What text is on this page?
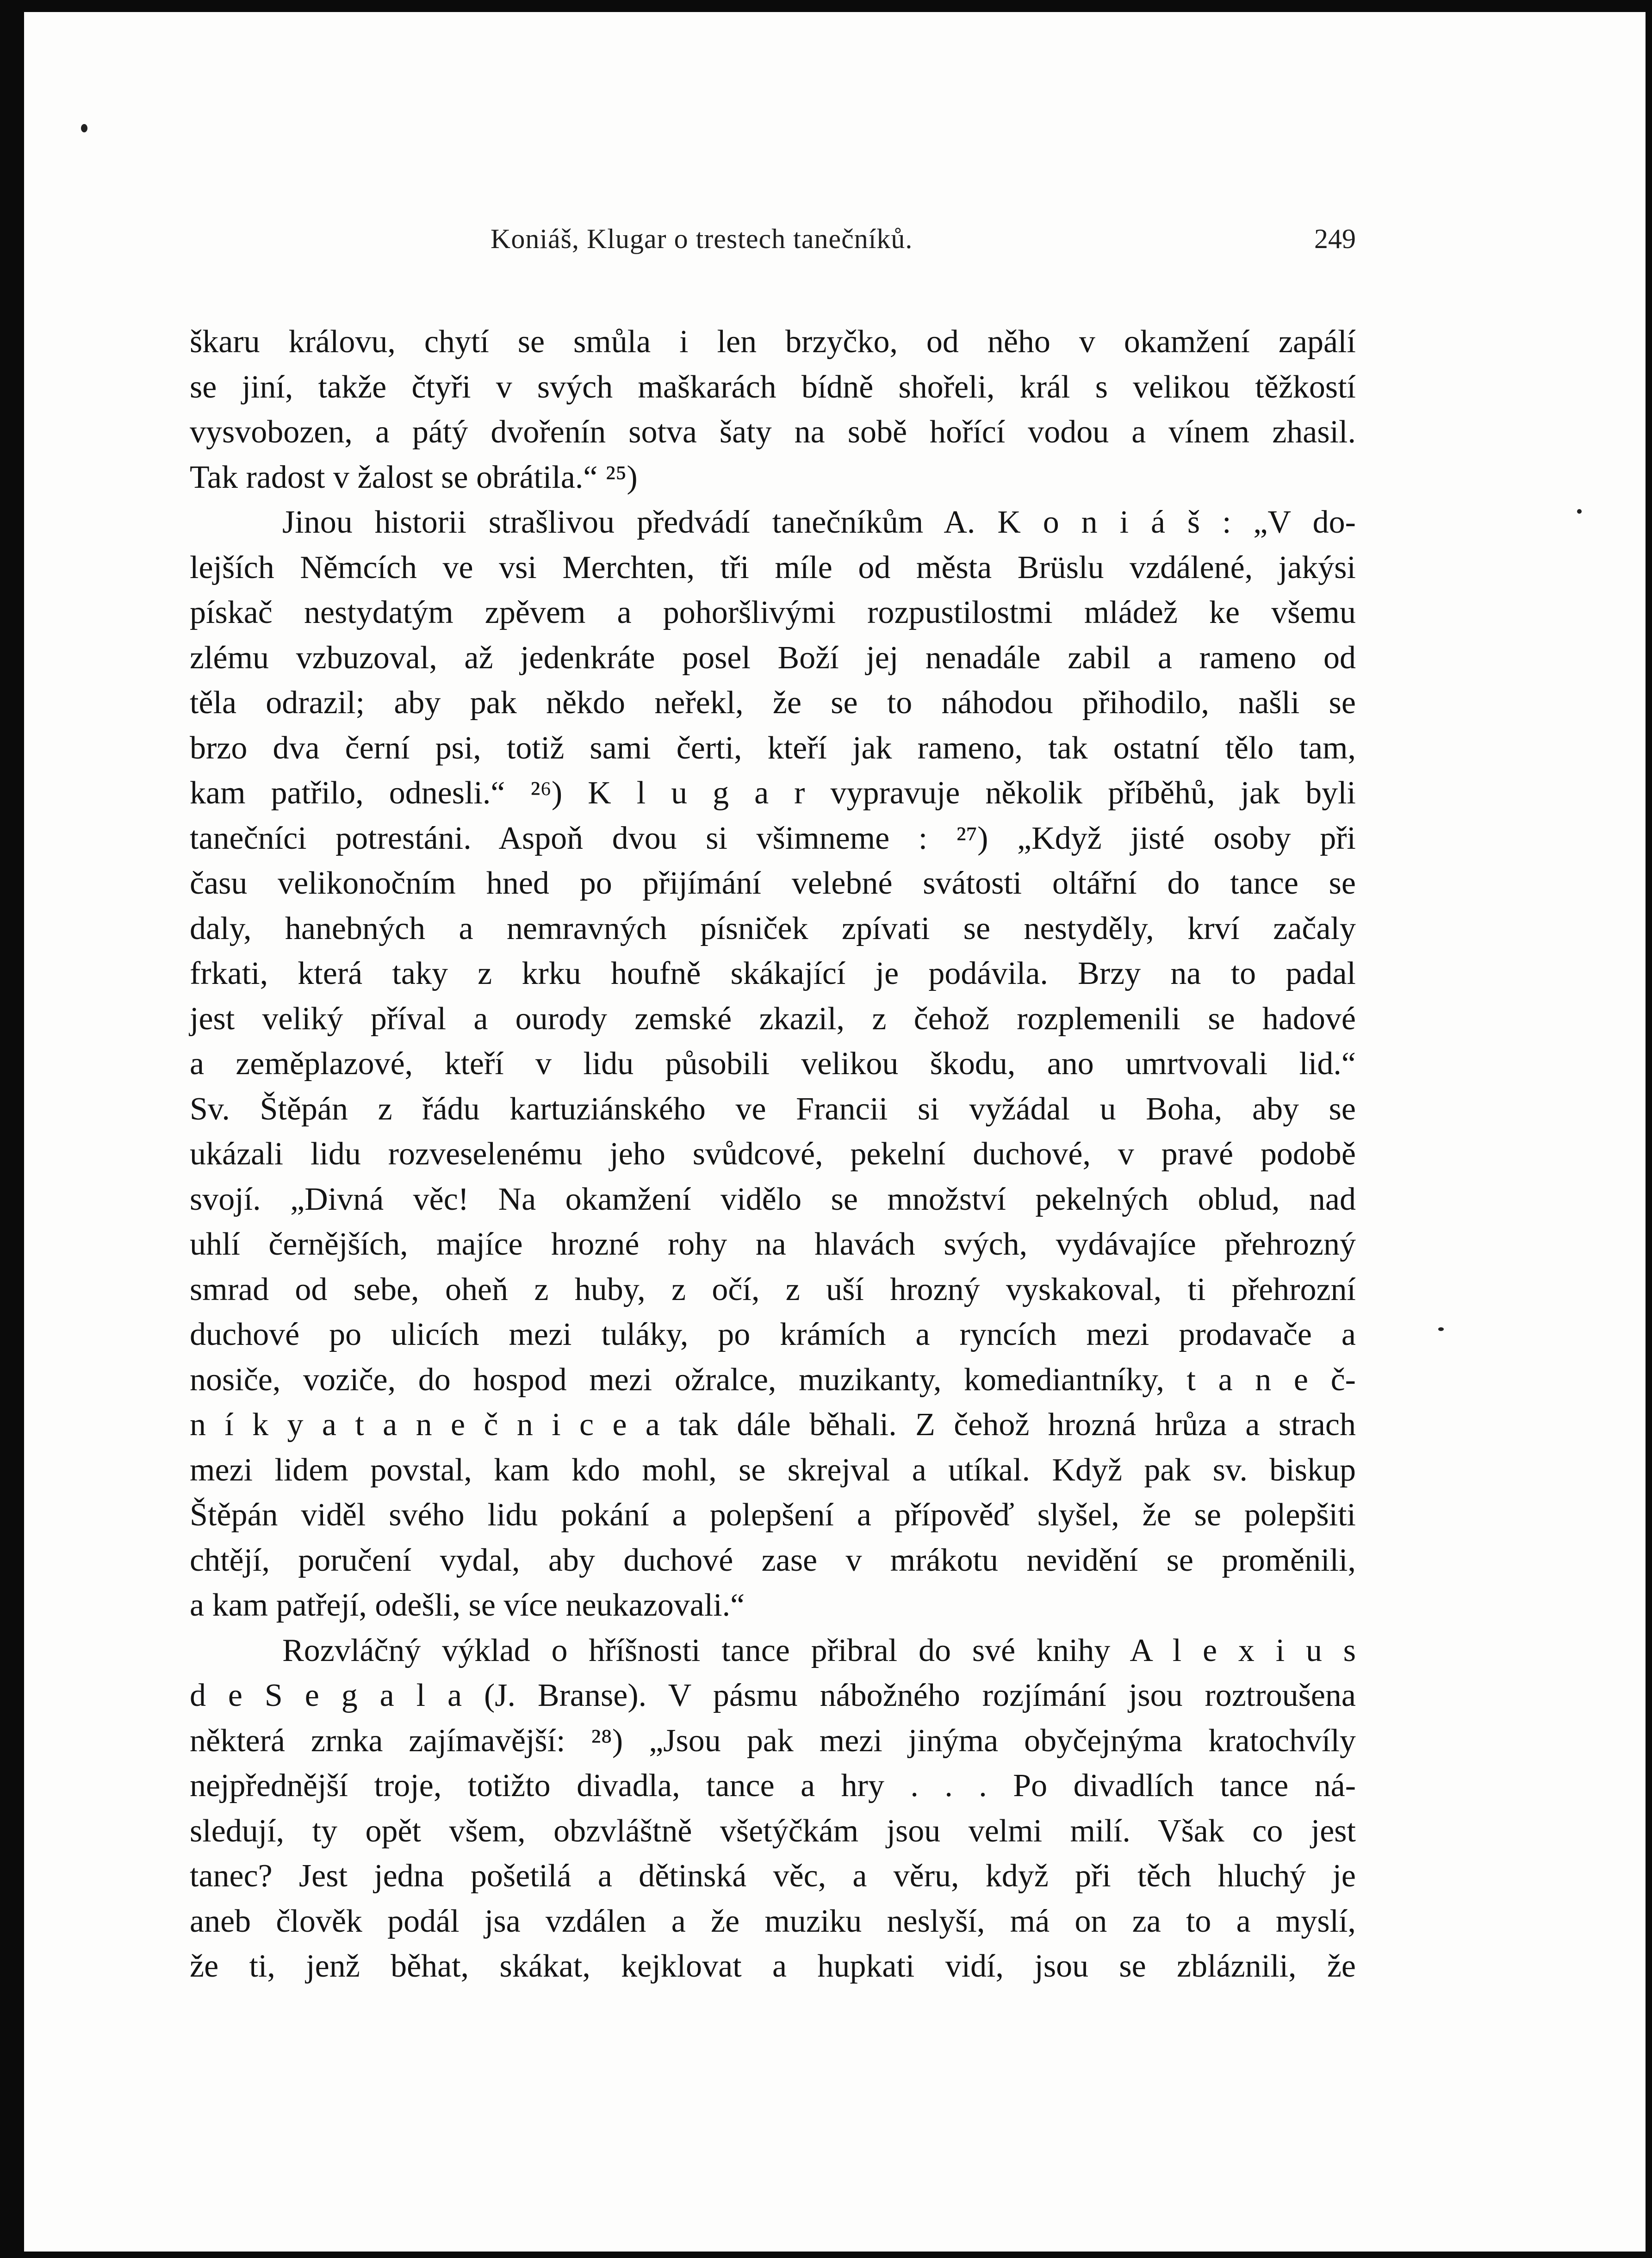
Koniáš, Klugar o trestech tanečníků.	249
škaru královu, chytí se smůla i len brzyčko, od něho v okamžení zapálí
se jiní, takže čtyři v svých maškarách bídně shořeli, král s velikou těžkostí
vysvobozen, a pátý dvořenín sotva šaty na sobě hořící vodou a vínem zhasil.
Tak radost v žalost se obrátila.“ ²⁵)
Jinou historii strašlivou předvádí tanečníkům A. K o n i á š : „V do-
lejších Němcích ve vsi Merchten, tři míle od města Brüslu vzdálené, jakýsi
pískač nestydatým zpěvem a pohoršlivými rozpustilostmi mládež ke všemu
zlému vzbuzoval, až jedenkráte posel Boží jej nenadále zabil a rameno od
těla odrazil; aby pak někdo neřekl, že se to náhodou přihodilo, našli se
brzo dva černí psi, totiž sami čerti, kteří jak rameno, tak ostatní tělo tam,
kam patřilo, odnesli.“ ²⁶) K l u g a r vypravuje několik příběhů, jak byli
tanečníci potrestáni. Aspoň dvou si všimneme : ²⁷) „Když jisté osoby při
času velikonočním hned po přijímání velebné svátosti oltářní do tance se
daly, hanebných a nemravných písniček zpívati se nestyděly, krví začaly
frkati, která taky z krku houfně skákající je podávila. Brzy na to padal
jest veliký příval a ourody zemské zkazil, z čehož rozplemenili se hadové
a zeměplazové, kteří v lidu působili velikou škodu, ano umrtvovali lid.“
Sv. Štěpán z řádu kartuziánského ve Francii si vyžádal u Boha, aby se
ukázali lidu rozveselenému jeho svůdcové, pekelní duchové, v pravé podobě
svojí. „Divná věc! Na okamžení vidělo se množství pekelných oblud, nad
uhlí černějších, majíce hrozné rohy na hlavách svých, vydávajíce přehrozný
smrad od sebe, oheň z huby, z očí, z uší hrozný vyskakoval, ti přehrozní
duchové po ulicích mezi tuláky, po krámích a ryncích mezi prodavače a
nosiče, voziče, do hospod mezi ožralce, muzikanty, komediantníky, t a n e č-
n í k y a t a n e č n i c e a tak dále běhali. Z čehož hrozná hrůza a strach
mezi lidem povstal, kam kdo mohl, se skrejval a utíkal. Když pak sv. biskup
Štěpán viděl svého lidu pokání a polepšení a přípověď slyšel, že se polepšiti
chtějí, poručení vydal, aby duchové zase v mrákotu nevidění se proměnili,
a kam patřejí, odešli, se více neukazovali.“
Rozvláčný výklad o hříšnosti tance přibral do své knihy A l e x i u s
d e S e g a l a (J. Branse). V pásmu nábožného rozjímání jsou roztroušena
některá zrnka zajímavější: ²⁸) „Jsou pak mezi jinýma obyčejnýma kratochvíly
nejpřednější troje, totižto divadla, tance a hry . . . Po divadlích tance ná-
sledují, ty opět všem, obzvláštně všetýčkám jsou velmi milí. Však co jest
tanec? Jest jedna pošetilá a dětinská věc, a věru, když při těch hluchý je
aneb člověk podál jsa vzdálen a že muziku neslyší, má on za to a myslí,
že ti, jenž běhat, skákat, kejklovat a hupkati vidí, jsou se zbláznili, že
